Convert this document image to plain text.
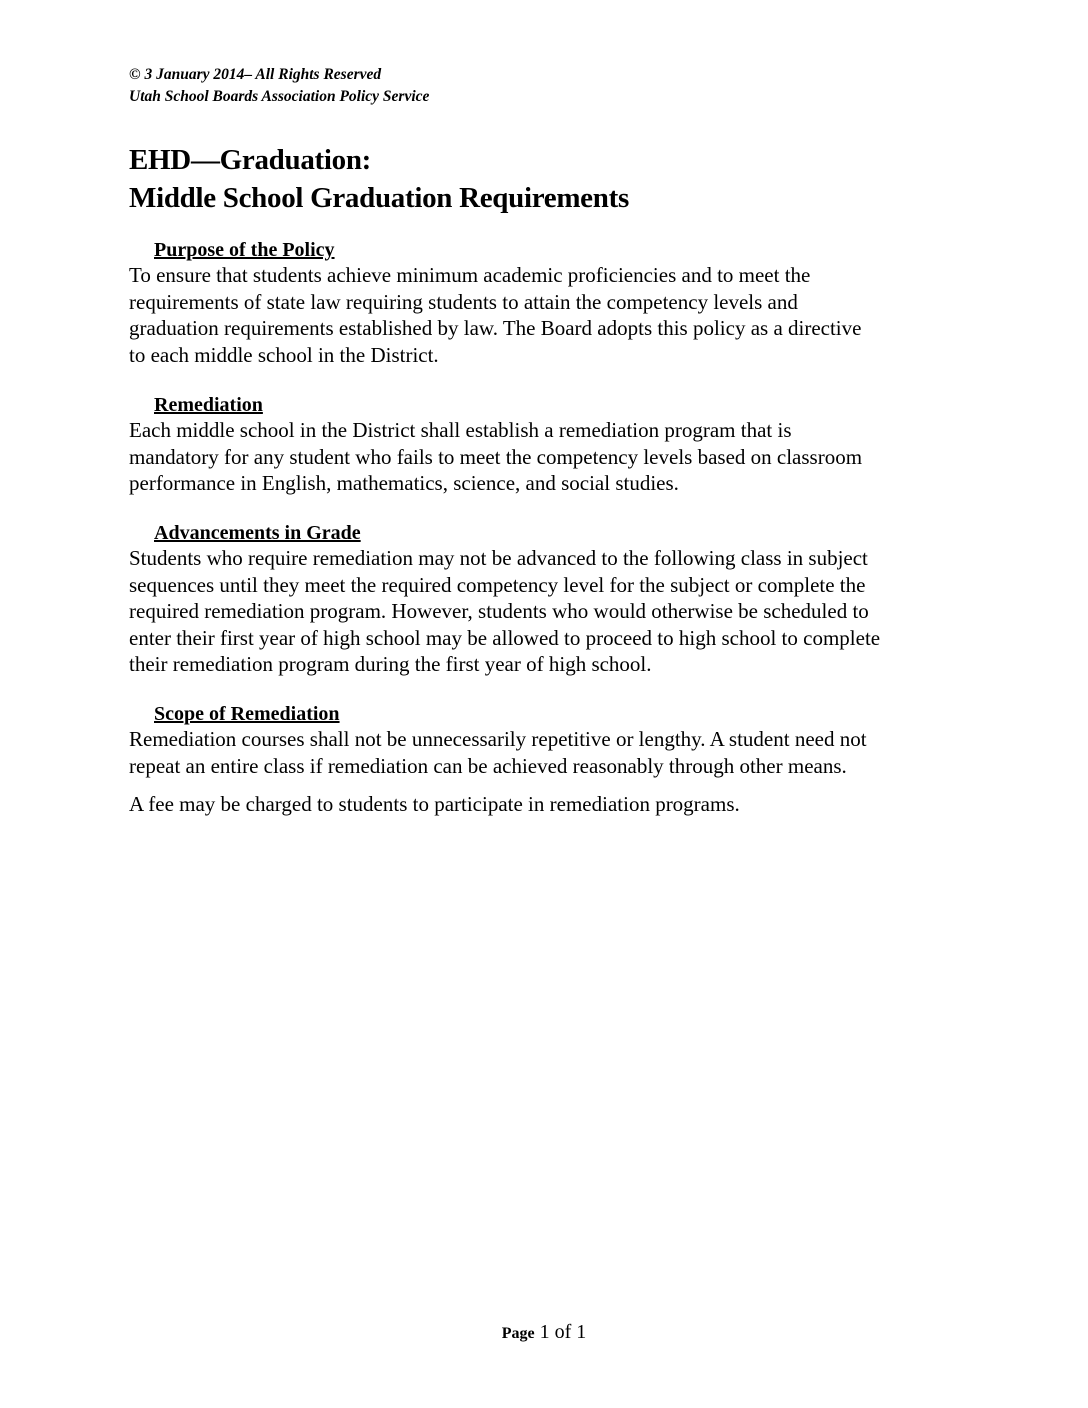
© 3 January 2014– All Rights Reserved
Utah School Boards Association Policy Service
EHD—Graduation:
Middle School Graduation Requirements
Purpose of the Policy
To ensure that students achieve minimum academic proficiencies and to meet the
requirements of state law requiring students to attain the competency levels and
graduation requirements established by law. The Board adopts this policy as a directive
to each middle school in the District.
Remediation
Each middle school in the District shall establish a remediation program that is
mandatory for any student who fails to meet the competency levels based on classroom
performance in English, mathematics, science, and social studies.
Advancements in Grade
Students who require remediation may not be advanced to the following class in subject
sequences until they meet the required competency level for the subject or complete the
required remediation program. However, students who would otherwise be scheduled to
enter their first year of high school may be allowed to proceed to high school to complete
their remediation program during the first year of high school.
Scope of Remediation
Remediation courses shall not be unnecessarily repetitive or lengthy. A student need not
repeat an entire class if remediation can be achieved reasonably through other means.
A fee may be charged to students to participate in remediation programs.
Page 1 of 1
